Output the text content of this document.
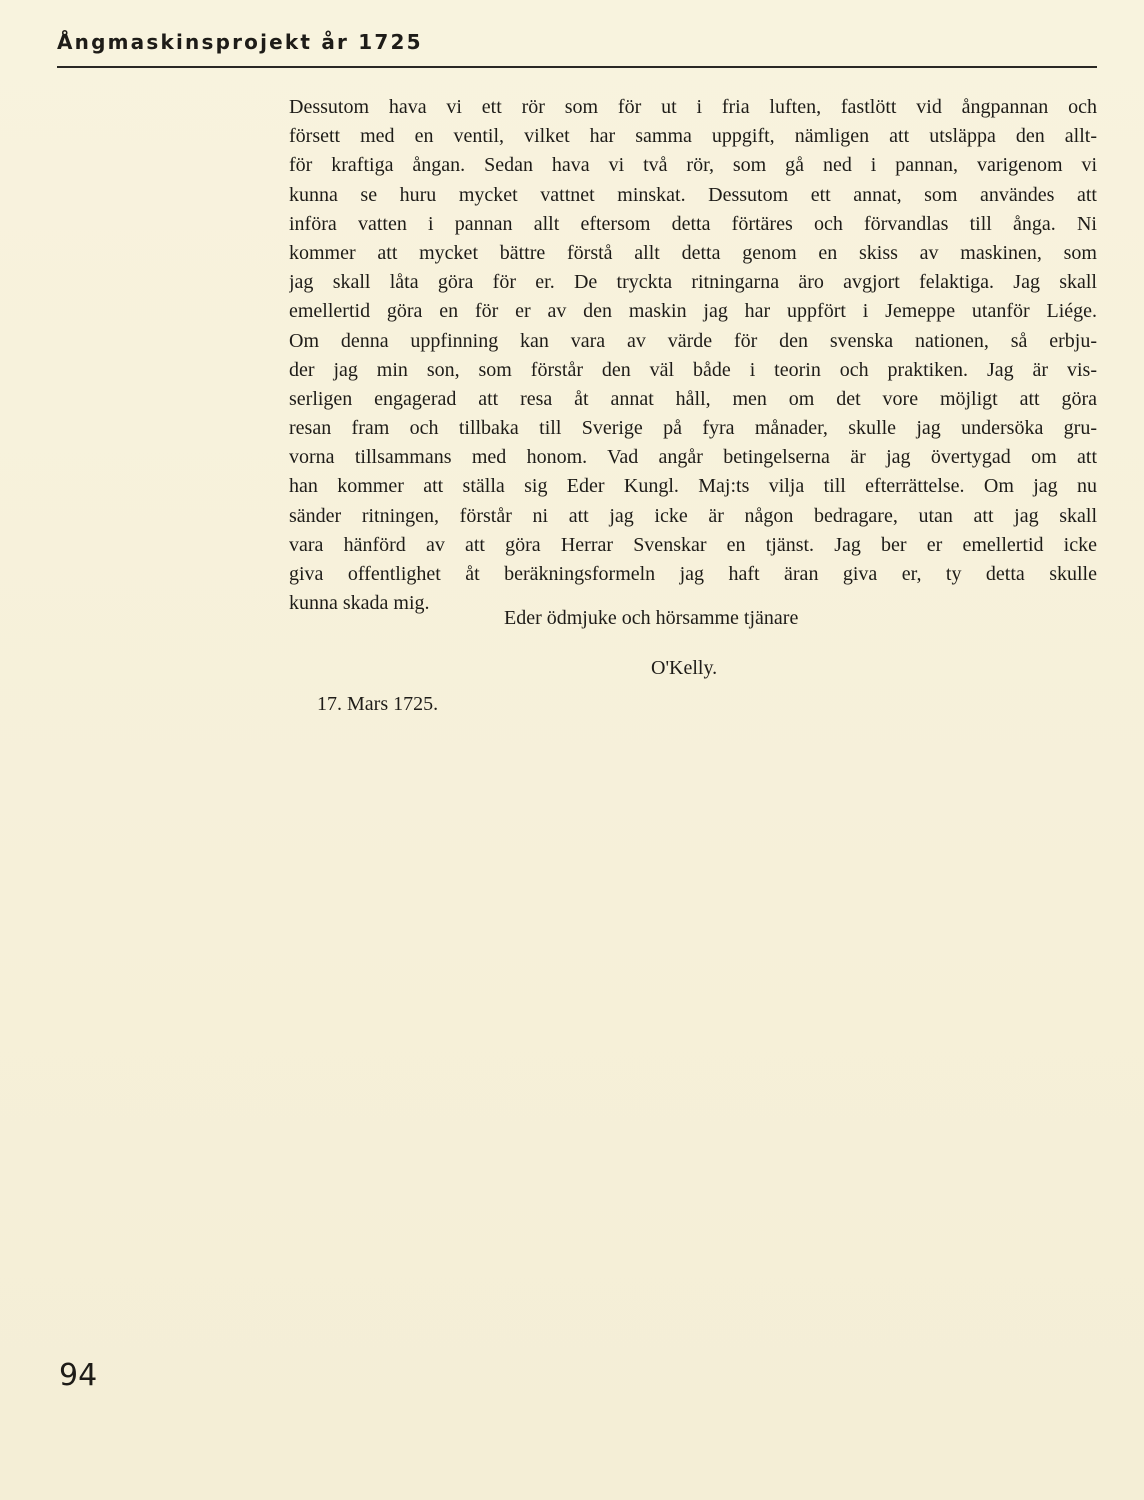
Ångmaskinsprojekt år 1725
Dessutom hava vi ett rör som för ut i fria luften, fastlött vid ångpannan och
försett med en ventil, vilket har samma uppgift, nämligen att utsläppa den allt-
för kraftiga ångan. Sedan hava vi två rör, som gå ned i pannan, varigenom vi
kunna se huru mycket vattnet minskat. Dessutom ett annat, som användes att
införa vatten i pannan allt eftersom detta förtäres och förvandlas till ånga. Ni
kommer att mycket bättre förstå allt detta genom en skiss av maskinen, som
jag skall låta göra för er. De tryckta ritningarna äro avgjort felaktiga. Jag skall
emellertid göra en för er av den maskin jag har uppfört i Jemeppe utanför Liége.
Om denna uppfinning kan vara av värde för den svenska nationen, så erbju-
der jag min son, som förstår den väl både i teorin och praktiken. Jag är vis-
serligen engagerad att resa åt annat håll, men om det vore möjligt att göra
resan fram och tillbaka till Sverige på fyra månader, skulle jag undersöka gru-
vorna tillsammans med honom. Vad angår betingelserna är jag övertygad om att
han kommer att ställa sig Eder Kungl. Maj:ts vilja till efterrättelse. Om jag nu
sänder ritningen, förstår ni att jag icke är någon bedragare, utan att jag skall
vara hänförd av att göra Herrar Svenskar en tjänst. Jag ber er emellertid icke
giva offentlighet åt beräkningsformeln jag haft äran giva er, ty detta skulle
kunna skada mig.
Eder ödmjuke och hörsamme tjänare
O'Kelly.
17. Mars 1725.
94
